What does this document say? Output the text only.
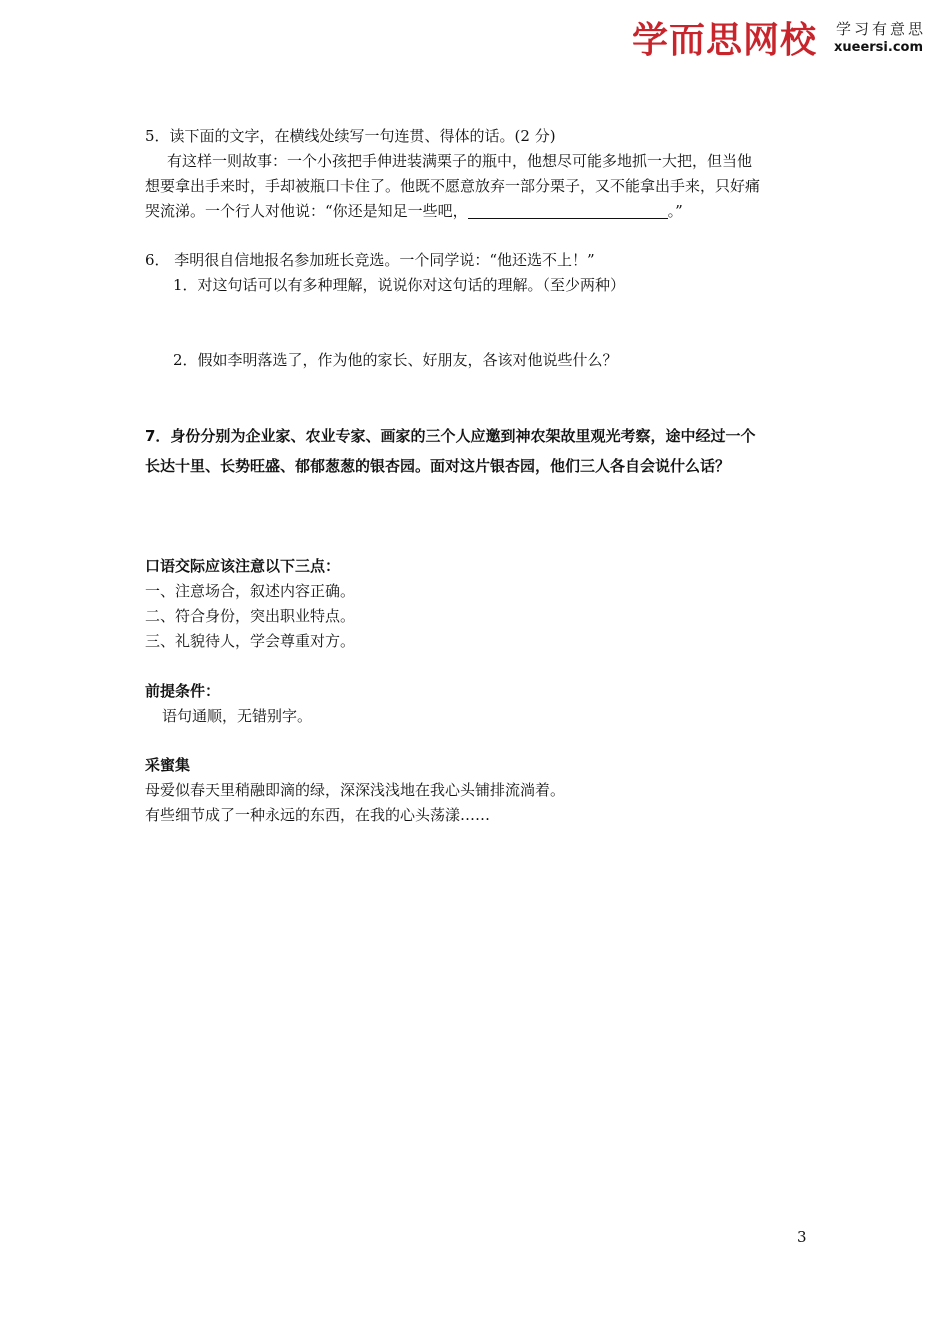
学而思网校 学习有意思
xueersi.com
5．读下面的文字，在横线处续写一句连贯、得体的话。(2 分)
有这样一则故事：一个小孩把手伸进装满栗子的瓶中，他想尽可能多地抓一大把，但当他
想要拿出手来时，手却被瓶口卡住了。他既不愿意放弃一部分栗子，又不能拿出手来，只好痛
哭流涕。一个行人对他说：“你还是知足一些吧，	。”
6． 李明很自信地报名参加班长竞选。一个同学说：“他还选不上！”
1．对这句话可以有多种理解，说说你对这句话的理解。（至少两种）
2．假如李明落选了，作为他的家长、好朋友，各该对他说些什么？
7．身份分别为企业家、农业专家、画家的三个人应邀到神农架故里观光考察，途中经过一个
长达十里、长势旺盛、郁郁葱葱的银杏园。面对这片银杏园，他们三人各自会说什么话？
口语交际应该注意以下三点：
一、注意场合，叙述内容正确。
二、符合身份，突出职业特点。
三、礼貌待人，学会尊重对方。
前提条件：
语句通顺，无错别字。
采蜜集
母爱似春天里稍融即滴的绿，深深浅浅地在我心头铺排流淌着。
有些细节成了一种永远的东西，在我的心头荡漾……
3
